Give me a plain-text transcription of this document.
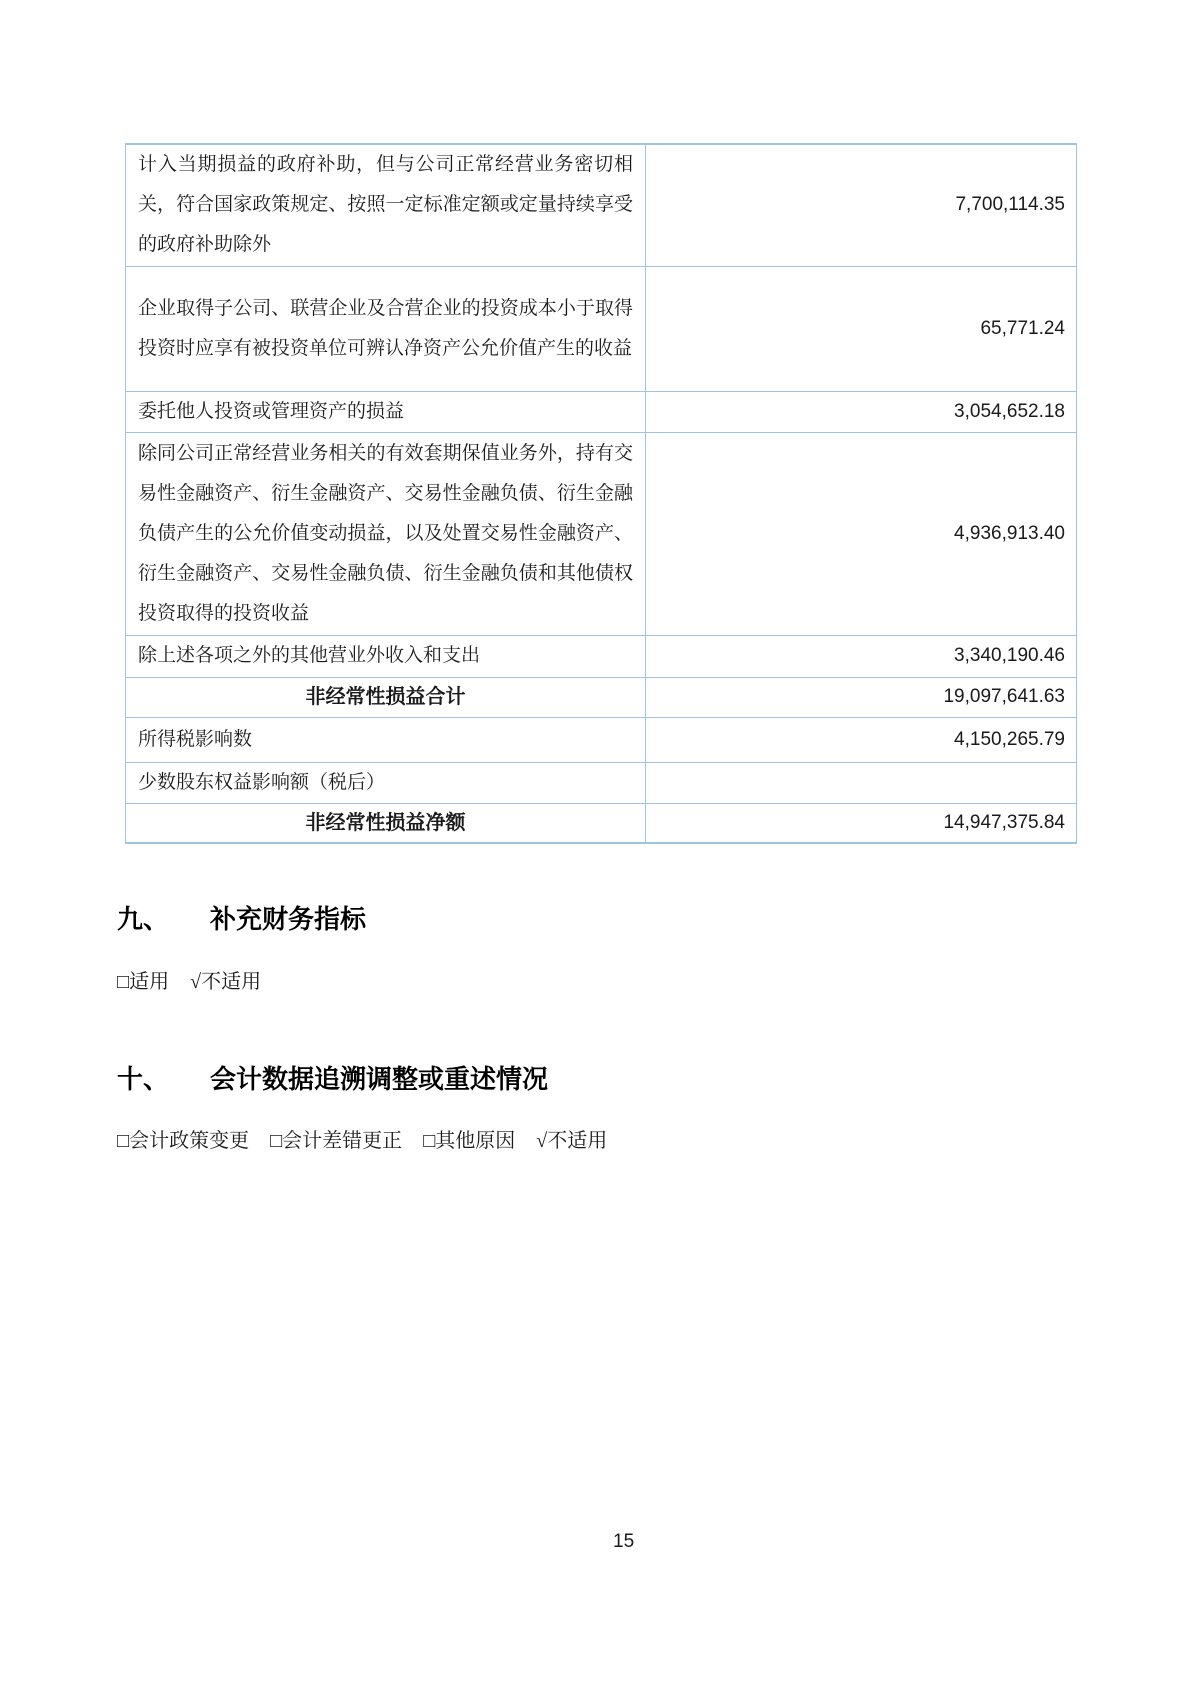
计入当期损益的政府补助，但与公司正常经营业务密切相关，符合国家政策规定、按照一定标准定额或定量持续享受的政府补助除外	7,700,114.35
企业取得子公司、联营企业及合营企业的投资成本小于取得投资时应享有被投资单位可辨认净资产公允价值产生的收益	65,771.24
委托他人投资或管理资产的损益	3,054,652.18
除同公司正常经营业务相关的有效套期保值业务外，持有交易性金融资产、衍生金融资产、交易性金融负债、衍生金融负债产生的公允价值变动损益，以及处置交易性金融资产、衍生金融资产、交易性金融负债、衍生金融负债和其他债权投资取得的投资收益	4,936,913.40
除上述各项之外的其他营业外收入和支出	3,340,190.46
非经常性损益合计	19,097,641.63
所得税影响数	4,150,265.79
少数股东权益影响额（税后）	
非经常性损益净额	14,947,375.84
九、	补充财务指标
□适用 √不适用
十、	会计数据追溯调整或重述情况
□会计政策变更 □会计差错更正 □其他原因 √不适用
15
